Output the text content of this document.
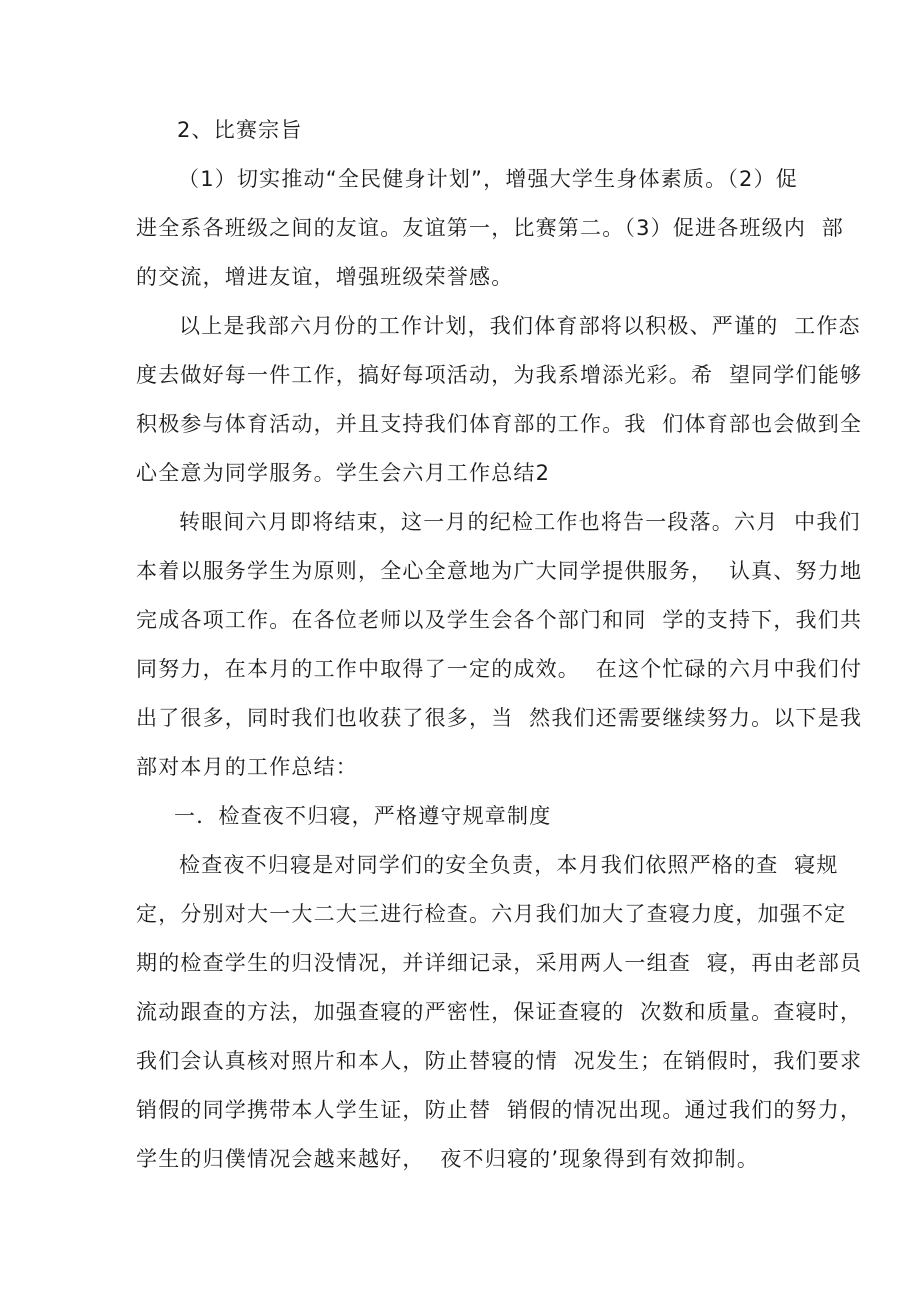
2、比赛宗旨
（1）切实推动“全民健身计划”，增强大学生身体素质。（2）促
进全系各班级之间的友谊。友谊第一，比赛第二。（3）促进各班级内  部
的交流，增进友谊，增强班级荣誉感。
以上是我部六月份的工作计划，我们体育部将以积极、严谨的  工作态
度去做好每一件工作，搞好每项活动，为我系增添光彩。希  望同学们能够
积极参与体育活动，并且支持我们体育部的工作。我  们体育部也会做到全
心全意为同学服务。学生会六月工作总结2
转眼间六月即将结束，这一月的纪检工作也将告一段落。六月  中我们
本着以服务学生为原则，全心全意地为广大同学提供服务，  认真、努力地
完成各项工作。在各位老师以及学生会各个部门和同  学的支持下，我们共
同努力，在本月的工作中取得了一定的成效。  在这个忙碌的六月中我们付
出了很多，同时我们也收获了很多，当  然我们还需要继续努力。以下是我
部对本月的工作总结：
一．检查夜不归寝，严格遵守规章制度
检查夜不归寝是对同学们的安全负责，本月我们依照严格的查  寝规
定，分别对大一大二大三进行检查。六月我们加大了查寝力度，加强不定
期的检查学生的归没情况，并详细记录，采用两人一组查  寝，再由老部员
流动跟查的方法，加强查寝的严密性，保证查寝的  次数和质量。查寝时，
我们会认真核对照片和本人，防止替寝的情  况发生；在销假时，我们要求
销假的同学携带本人学生证，防止替  销假的情况出现。通过我们的努力，
学生的归僕情况会越来越好，  夜不归寝的’现象得到有效抑制。
